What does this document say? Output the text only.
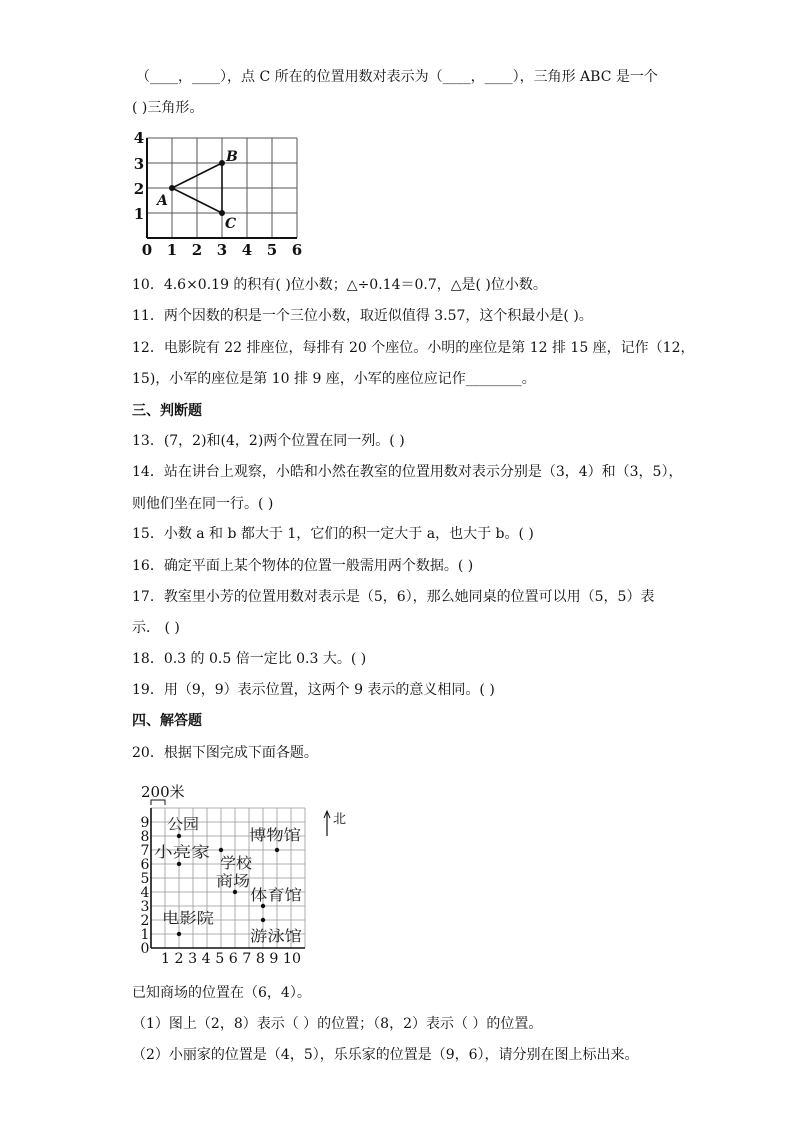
（____，____），点 C 所在的位置用数对表示为（____，____），三角形 ABC 是一个
( )三角形。
4
3
2
1
0 1 2 3 4 5 6
A
B
C
10．4.6×0.19 的积有( )位小数；△÷0.14＝0.7，△是( )位小数。
11．两个因数的积是一个三位小数，取近似值得 3.57，这个积最小是( )。
12．电影院有 22 排座位，每排有 20 个座位。小明的座位是第 12 排 15 座，记作（12，
15)，小军的座位是第 10 排 9 座，小军的座位应记作________。
三、判断题
13．(7，2)和(4，2)两个位置在同一列。( )
14．站在讲台上观察，小皓和小然在教室的位置用数对表示分别是（3，4）和（3，5），
则他们坐在同一行。( )
15．小数 a 和 b 都大于 1，它们的积一定大于 a，也大于 b。( )
16．确定平面上某个物体的位置一般需用两个数据。( )
17．教室里小芳的位置用数对表示是（5，6），那么她同桌的位置可以用（5，5）表
示． ( )
18．0.3 的 0.5 倍一定比 0.3 大。( )
19．用（9，9）表示位置，这两个 9 表示的意义相同。( )
四、解答题
20．根据下图完成下面各题。
200米
北
9
8
7
6
5
4
3
2
1
0
1 2 3 4 5 6 7 8 9 10
公园
小亮家
学校
商场
博物馆
体育馆
电影院
游泳馆
已知商场的位置在（6，4）。
（1）图上（2，8）表示（ ）的位置；（8，2）表示（ ）的位置。
（2）小丽家的位置是（4，5），乐乐家的位置是（9，6），请分别在图上标出来。
